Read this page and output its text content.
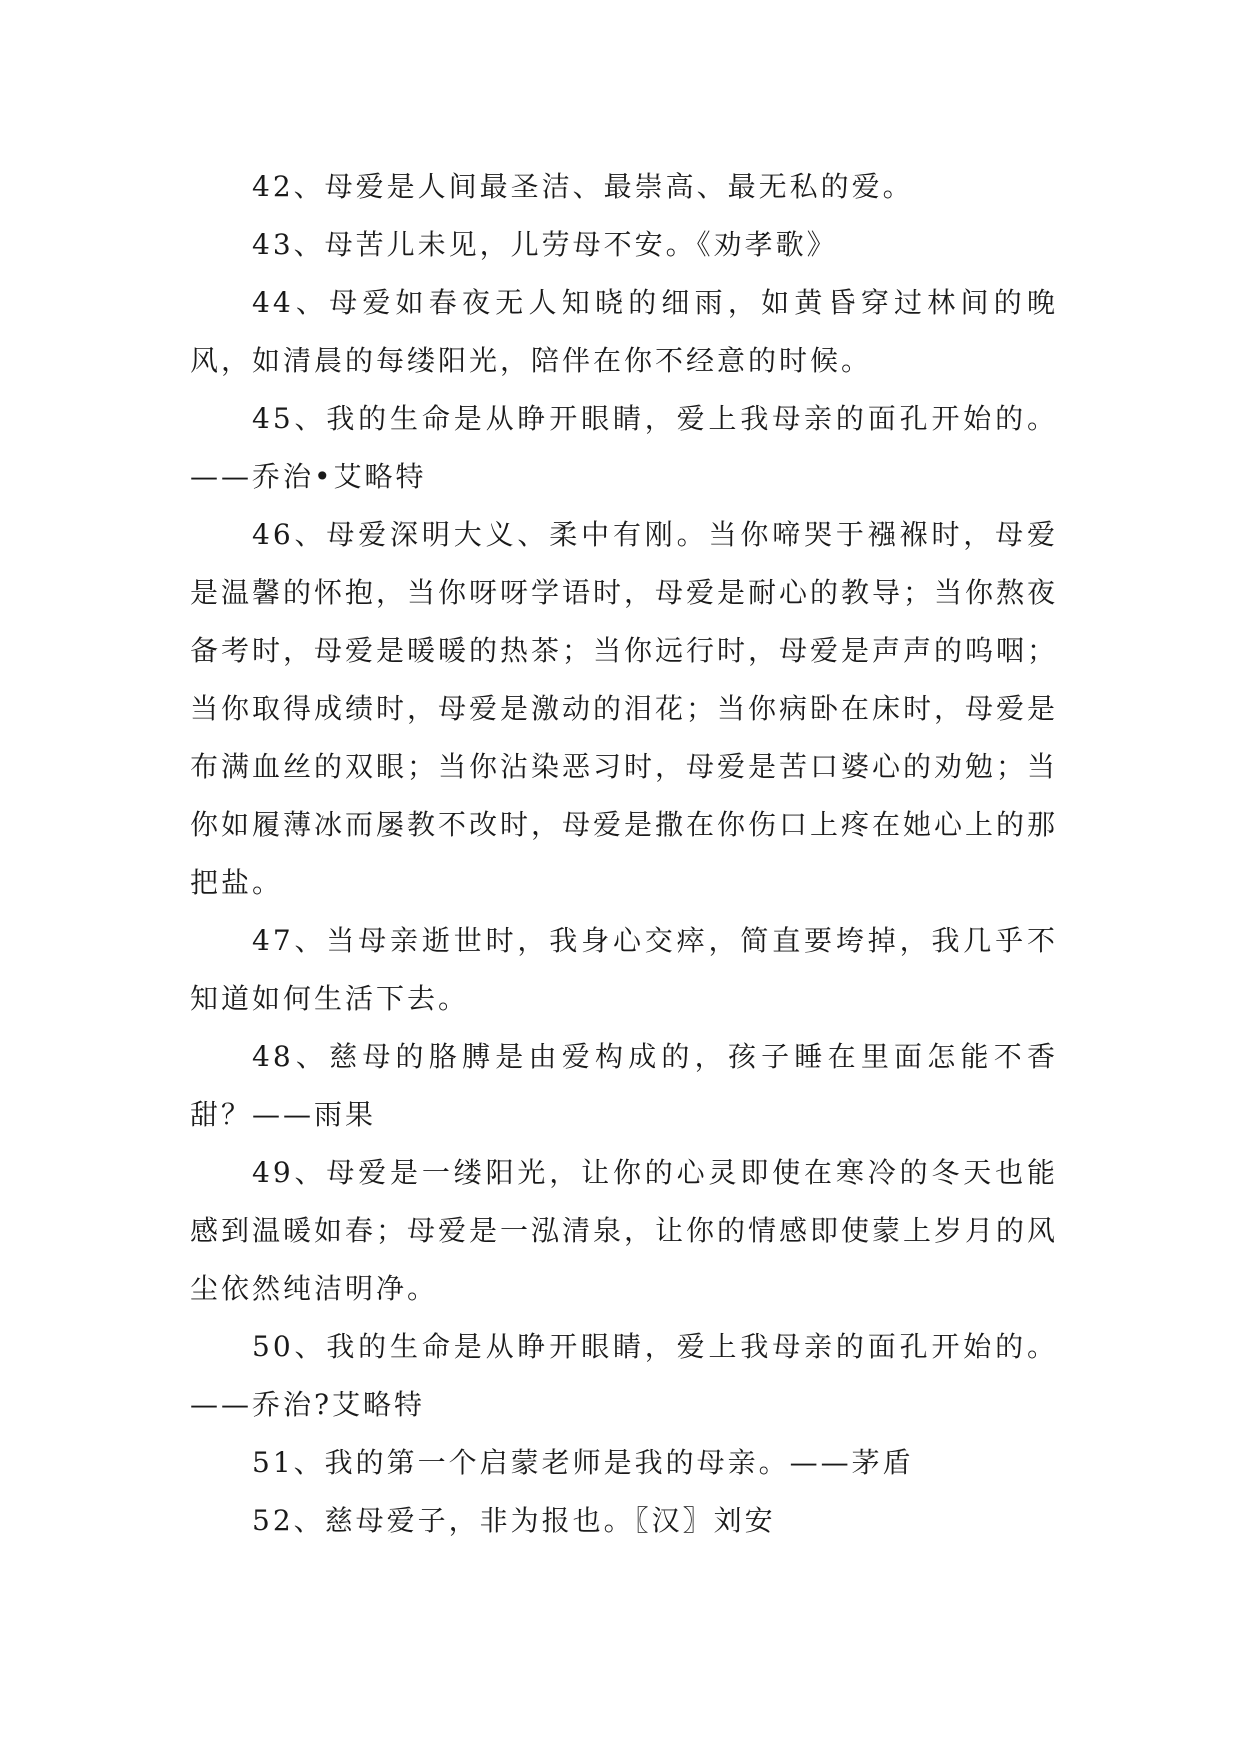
42、母爱是人间最圣洁、最崇高、最无私的爱。

43、母苦儿未见，儿劳母不安。《劝孝歌》

44、母爱如春夜无人知晓的细雨，如黄昏穿过林间的晚风，如清晨的每缕阳光，陪伴在你不经意的时候。

45、我的生命是从睁开眼睛，爱上我母亲的面孔开始的。——乔治•艾略特

46、母爱深明大义、柔中有刚。当你啼哭于襁褓时，母爱是温馨的怀抱，当你呀呀学语时，母爱是耐心的教导；当你熬夜备考时，母爱是暖暖的热茶；当你远行时，母爱是声声的呜咽；当你取得成绩时，母爱是激动的泪花；当你病卧在床时，母爱是布满血丝的双眼；当你沾染恶习时，母爱是苦口婆心的劝勉；当你如履薄冰而屡教不改时，母爱是撒在你伤口上疼在她心上的那把盐。

47、当母亲逝世时，我身心交瘁，简直要垮掉，我几乎不知道如何生活下去。

48、慈母的胳膊是由爱构成的，孩子睡在里面怎能不香甜？——雨果

49、母爱是一缕阳光，让你的心灵即使在寒冷的冬天也能感到温暖如春；母爱是一泓清泉，让你的情感即使蒙上岁月的风尘依然纯洁明净。

50、我的生命是从睁开眼睛，爱上我母亲的面孔开始的。——乔治?艾略特

51、我的第一个启蒙老师是我的母亲。——茅盾

52、慈母爱子，非为报也。〖汉〗刘安
